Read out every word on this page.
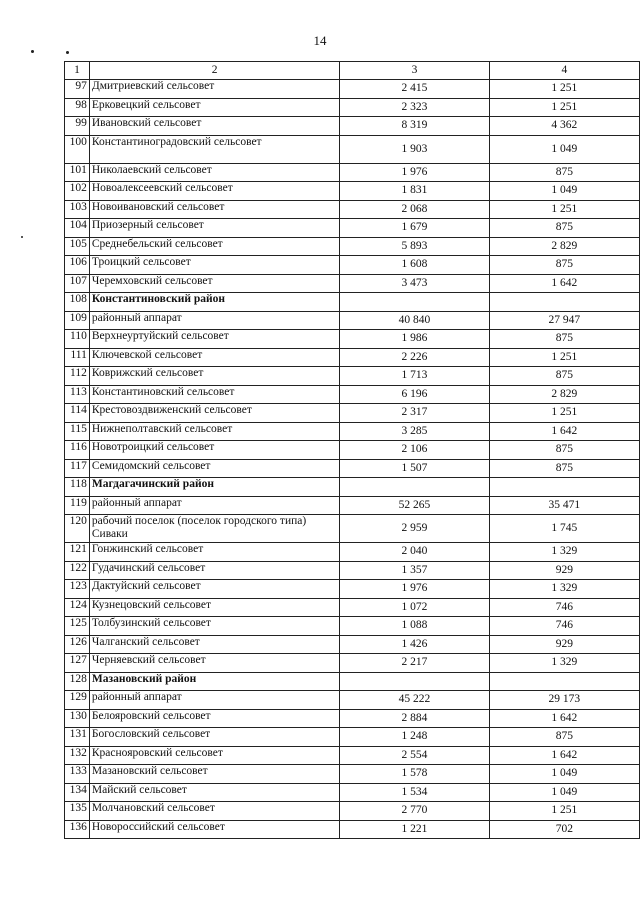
14
1	2	3	4
97	Дмитриевский сельсовет	2 415	1 251
98	Ерковецкий сельсовет	2 323	1 251
99	Ивановский сельсовет	8 319	4 362
100	Константиноградовский сельсовет	1 903	1 049
101	Николаевский сельсовет	1 976	875
102	Новоалексеевский сельсовет	1 831	1 049
103	Новоивановский сельсовет	2 068	1 251
104	Приозерный сельсовет	1 679	875
105	Среднебельский сельсовет	5 893	2 829
106	Троицкий сельсовет	1 608	875
107	Черемховский сельсовет	3 473	1 642
108	Константиновский район		
109	районный аппарат	40 840	27 947
110	Верхнеуртуйский сельсовет	1 986	875
111	Ключевской сельсовет	2 226	1 251
112	Коврижский сельсовет	1 713	875
113	Константиновский сельсовет	6 196	2 829
114	Крестовоздвиженский сельсовет	2 317	1 251
115	Нижнеполтавский сельсовет	3 285	1 642
116	Новотроицкий сельсовет	2 106	875
117	Семидомский сельсовет	1 507	875
118	Магдагачинский район		
119	районный аппарат	52 265	35 471
120	рабочий поселок (поселок городского типа) Сиваки	2 959	1 745
121	Гонжинский сельсовет	2 040	1 329
122	Гудачинский сельсовет	1 357	929
123	Дактуйский сельсовет	1 976	1 329
124	Кузнецовский сельсовет	1 072	746
125	Толбузинский сельсовет	1 088	746
126	Чалганский сельсовет	1 426	929
127	Черняевский сельсовет	2 217	1 329
128	Мазановский район		
129	районный аппарат	45 222	29 173
130	Белояровский сельсовет	2 884	1 642
131	Богословский сельсовет	1 248	875
132	Краснояровский сельсовет	2 554	1 642
133	Мазановский сельсовет	1 578	1 049
134	Майский сельсовет	1 534	1 049
135	Молчановский сельсовет	2 770	1 251
136	Новороссийский сельсовет	1 221	702
